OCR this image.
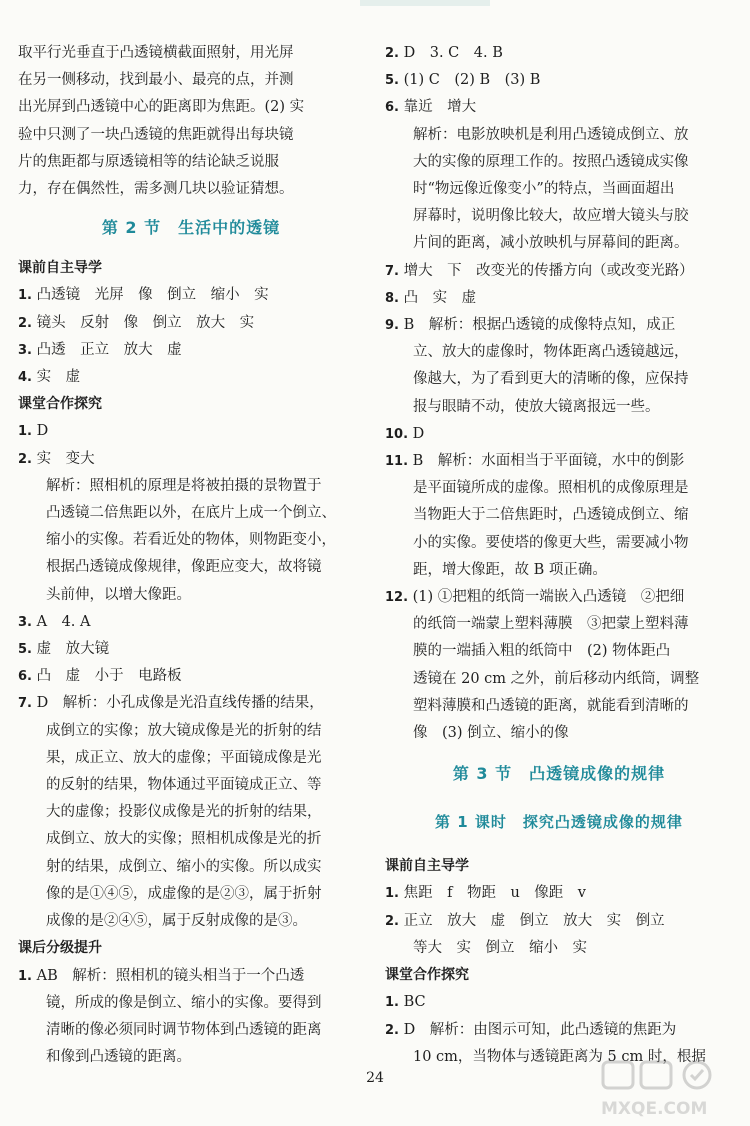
取平行光垂直于凸透镜横截面照射，用光屏
在另一侧移动，找到最小、最亮的点，并测
出光屏到凸透镜中心的距离即为焦距。(2) 实
验中只测了一块凸透镜的焦距就得出每块镜
片的焦距都与原透镜相等的结论缺乏说服
力，存在偶然性，需多测几块以验证猜想。
第 2 节　生活中的透镜
课前自主导学
1. 凸透镜　光屏　像　倒立　缩小　实
2. 镜头　反射　像　倒立　放大　实
3. 凸透　正立　放大　虚
4. 实　虚
课堂合作探究
1. D
2. 实　变大
解析：照相机的原理是将被拍摄的景物置于
凸透镜二倍焦距以外，在底片上成一个倒立、
缩小的实像。若看近处的物体，则物距变小，
根据凸透镜成像规律，像距应变大，故将镜
头前伸，以增大像距。
3. A　4. A
5. 虚　放大镜
6. 凸　虚　小于　电路板
7. D　解析：小孔成像是光沿直线传播的结果，
成倒立的实像；放大镜成像是光的折射的结
果，成正立、放大的虚像；平面镜成像是光
的反射的结果，物体通过平面镜成正立、等
大的虚像；投影仪成像是光的折射的结果，
成倒立、放大的实像；照相机成像是光的折
射的结果，成倒立、缩小的实像。所以成实
像的是①④⑤，成虚像的是②③，属于折射
成像的是②④⑤，属于反射成像的是③。
课后分级提升
1. AB　解析：照相机的镜头相当于一个凸透
镜，所成的像是倒立、缩小的实像。要得到
清晰的像必须同时调节物体到凸透镜的距离
和像到凸透镜的距离。
2. D　3. C　4. B
5. (1) C　(2) B　(3) B
6. 靠近　增大
解析：电影放映机是利用凸透镜成倒立、放
大的实像的原理工作的。按照凸透镜成实像
时“物远像近像变小”的特点，当画面超出
屏幕时，说明像比较大，故应增大镜头与胶
片间的距离，减小放映机与屏幕间的距离。
7. 增大　下　改变光的传播方向（或改变光路）
8. 凸　实　虚
9. B　解析：根据凸透镜的成像特点知，成正
立、放大的虚像时，物体距离凸透镜越远，
像越大，为了看到更大的清晰的像，应保持
报与眼睛不动，使放大镜离报远一些。
10. D
11. B　解析：水面相当于平面镜，水中的倒影
是平面镜所成的虚像。照相机的成像原理是
当物距大于二倍焦距时，凸透镜成倒立、缩
小的实像。要使塔的像更大些，需要减小物
距，增大像距，故 B 项正确。
12. (1) ①把粗的纸筒一端嵌入凸透镜　②把细
的纸筒一端蒙上塑料薄膜　③把蒙上塑料薄
膜的一端插入粗的纸筒中　(2) 物体距凸
透镜在 20 cm 之外，前后移动内纸筒，调整
塑料薄膜和凸透镜的距离，就能看到清晰的
像　(3) 倒立、缩小的像
第 3 节　凸透镜成像的规律
第 1 课时　探究凸透镜成像的规律
课前自主导学
1. 焦距　f　物距　u　像距　v
2. 正立　放大　虚　倒立　放大　实　倒立
等大　实　倒立　缩小　实
课堂合作探究
1. BC
2. D　解析：由图示可知，此凸透镜的焦距为
10 cm，当物体与透镜距离为 5 cm 时，根据
24
MXQE.COM
